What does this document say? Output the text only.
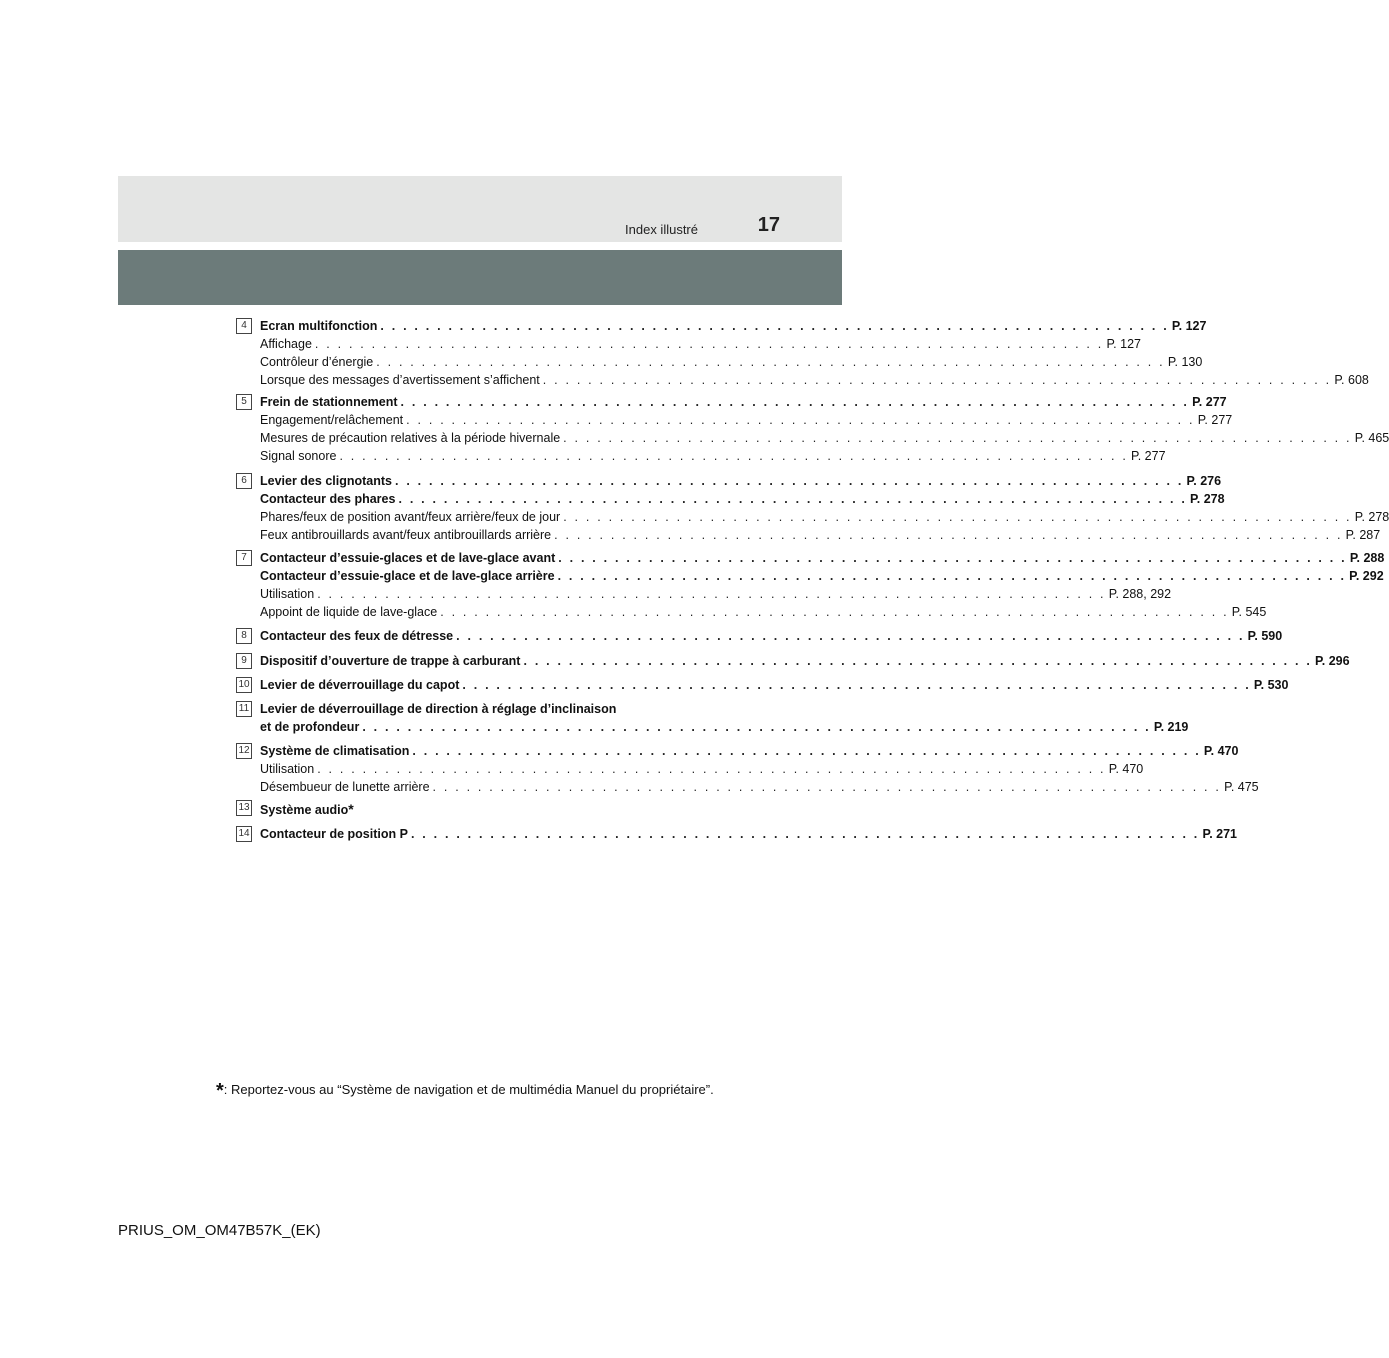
Index illustré	17
4	Ecran multifonction . . . . . . . . . . . . . . . . . . . . . . . . . . . . . . . . . . . . . . . . . . . . . . . . . . . . . . . . . . . . . . . . . . . . . . P. 127
Affichage . . . . . . . . . . . . . . . . . . . . . . . . . . . . . . . . . . . . . . . . . . . . . . . . . . . . . . . . . . . . . . . . . . . . . . P. 127
Contrôleur d’énergie . . . . . . . . . . . . . . . . . . . . . . . . . . . . . . . . . . . . . . . . . . . . . . . . . . . . . . . . . . . . . . . . . . . . . . P. 130
Lorsque des messages d’avertissement s’affichent . . . . . . . . . . . . . . . . . . . . . . . . . . . . . . . . . . . . . . . . . . . . . . . . . . . . . . . . . . . . . . . . . . . . . . P. 608
5	Frein de stationnement . . . . . . . . . . . . . . . . . . . . . . . . . . . . . . . . . . . . . . . . . . . . . . . . . . . . . . . . . . . . . . . . . . . . . . P. 277
Engagement/relâchement . . . . . . . . . . . . . . . . . . . . . . . . . . . . . . . . . . . . . . . . . . . . . . . . . . . . . . . . . . . . . . . . . . . . . . P. 277
Mesures de précaution relatives à la période hivernale . . . . . . . . . . . . . . . . . . . . . . . . . . . . . . . . . . . . . . . . . . . . . . . . . . . . . . . . . . . . . . . . . . . . . . P. 465
Signal sonore . . . . . . . . . . . . . . . . . . . . . . . . . . . . . . . . . . . . . . . . . . . . . . . . . . . . . . . . . . . . . . . . . . . . . . P. 277
6	Levier des clignotants . . . . . . . . . . . . . . . . . . . . . . . . . . . . . . . . . . . . . . . . . . . . . . . . . . . . . . . . . . . . . . . . . . . . . . P. 276
Contacteur des phares . . . . . . . . . . . . . . . . . . . . . . . . . . . . . . . . . . . . . . . . . . . . . . . . . . . . . . . . . . . . . . . . . . . . . . P. 278
Phares/feux de position avant/feux arrière/feux de jour . . . . . . . . . . . . . . . . . . . . . . . . . . . . . . . . . . . . . . . . . . . . . . . . . . . . . . . . . . . . . . . . . . . . . . P. 278
Feux antibrouillards avant/feux antibrouillards arrière . . . . . . . . . . . . . . . . . . . . . . . . . . . . . . . . . . . . . . . . . . . . . . . . . . . . . . . . . . . . . . . . . . . . . . P. 287
7	Contacteur d’essuie-glaces et de lave-glace avant . . . . . . . . . . . . . . . . . . . . . . . . . . . . . . . . . . . . . . . . . . . . . . . . . . . . . . . . . . . . . . . . . . . . . . P. 288
Contacteur d’essuie-glace et de lave-glace arrière . . . . . . . . . . . . . . . . . . . . . . . . . . . . . . . . . . . . . . . . . . . . . . . . . . . . . . . . . . . . . . . . . . . . . . P. 292
Utilisation . . . . . . . . . . . . . . . . . . . . . . . . . . . . . . . . . . . . . . . . . . . . . . . . . . . . . . . . . . . . . . . . . . . . . . P. 288, 292
Appoint de liquide de lave-glace . . . . . . . . . . . . . . . . . . . . . . . . . . . . . . . . . . . . . . . . . . . . . . . . . . . . . . . . . . . . . . . . . . . . . . P. 545
8	Contacteur des feux de détresse . . . . . . . . . . . . . . . . . . . . . . . . . . . . . . . . . . . . . . . . . . . . . . . . . . . . . . . . . . . . . . . . . . . . . . P. 590
9	Dispositif d’ouverture de trappe à carburant . . . . . . . . . . . . . . . . . . . . . . . . . . . . . . . . . . . . . . . . . . . . . . . . . . . . . . . . . . . . . . . . . . . . . . P. 296
10 Levier de déverrouillage du capot . . . . . . . . . . . . . . . . . . . . . . . . . . . . . . . . . . . . . . . . . . . . . . . . . . . . . . . . . . . . . . . . . . . . . . P. 530
11 Levier de déverrouillage de direction à réglage d’inclinaison
et de profondeur . . . . . . . . . . . . . . . . . . . . . . . . . . . . . . . . . . . . . . . . . . . . . . . . . . . . . . . . . . . . . . . . . . . . . . P. 219
12 Système de climatisation . . . . . . . . . . . . . . . . . . . . . . . . . . . . . . . . . . . . . . . . . . . . . . . . . . . . . . . . . . . . . . . . . . . . . . P. 470
Utilisation . . . . . . . . . . . . . . . . . . . . . . . . . . . . . . . . . . . . . . . . . . . . . . . . . . . . . . . . . . . . . . . . . . . . . . P. 470
Désembueur de lunette arrière . . . . . . . . . . . . . . . . . . . . . . . . . . . . . . . . . . . . . . . . . . . . . . . . . . . . . . . . . . . . . . . . . . . . . . P. 475
13 Système audio *
14 Contacteur de position P . . . . . . . . . . . . . . . . . . . . . . . . . . . . . . . . . . . . . . . . . . . . . . . . . . . . . . . . . . . . . . . . . . . . . . P. 271
*: Reportez-vous au “Système de navigation et de multimédia Manuel du propriétaire”.
PRIUS_OM_OM47B57K_(EK)
